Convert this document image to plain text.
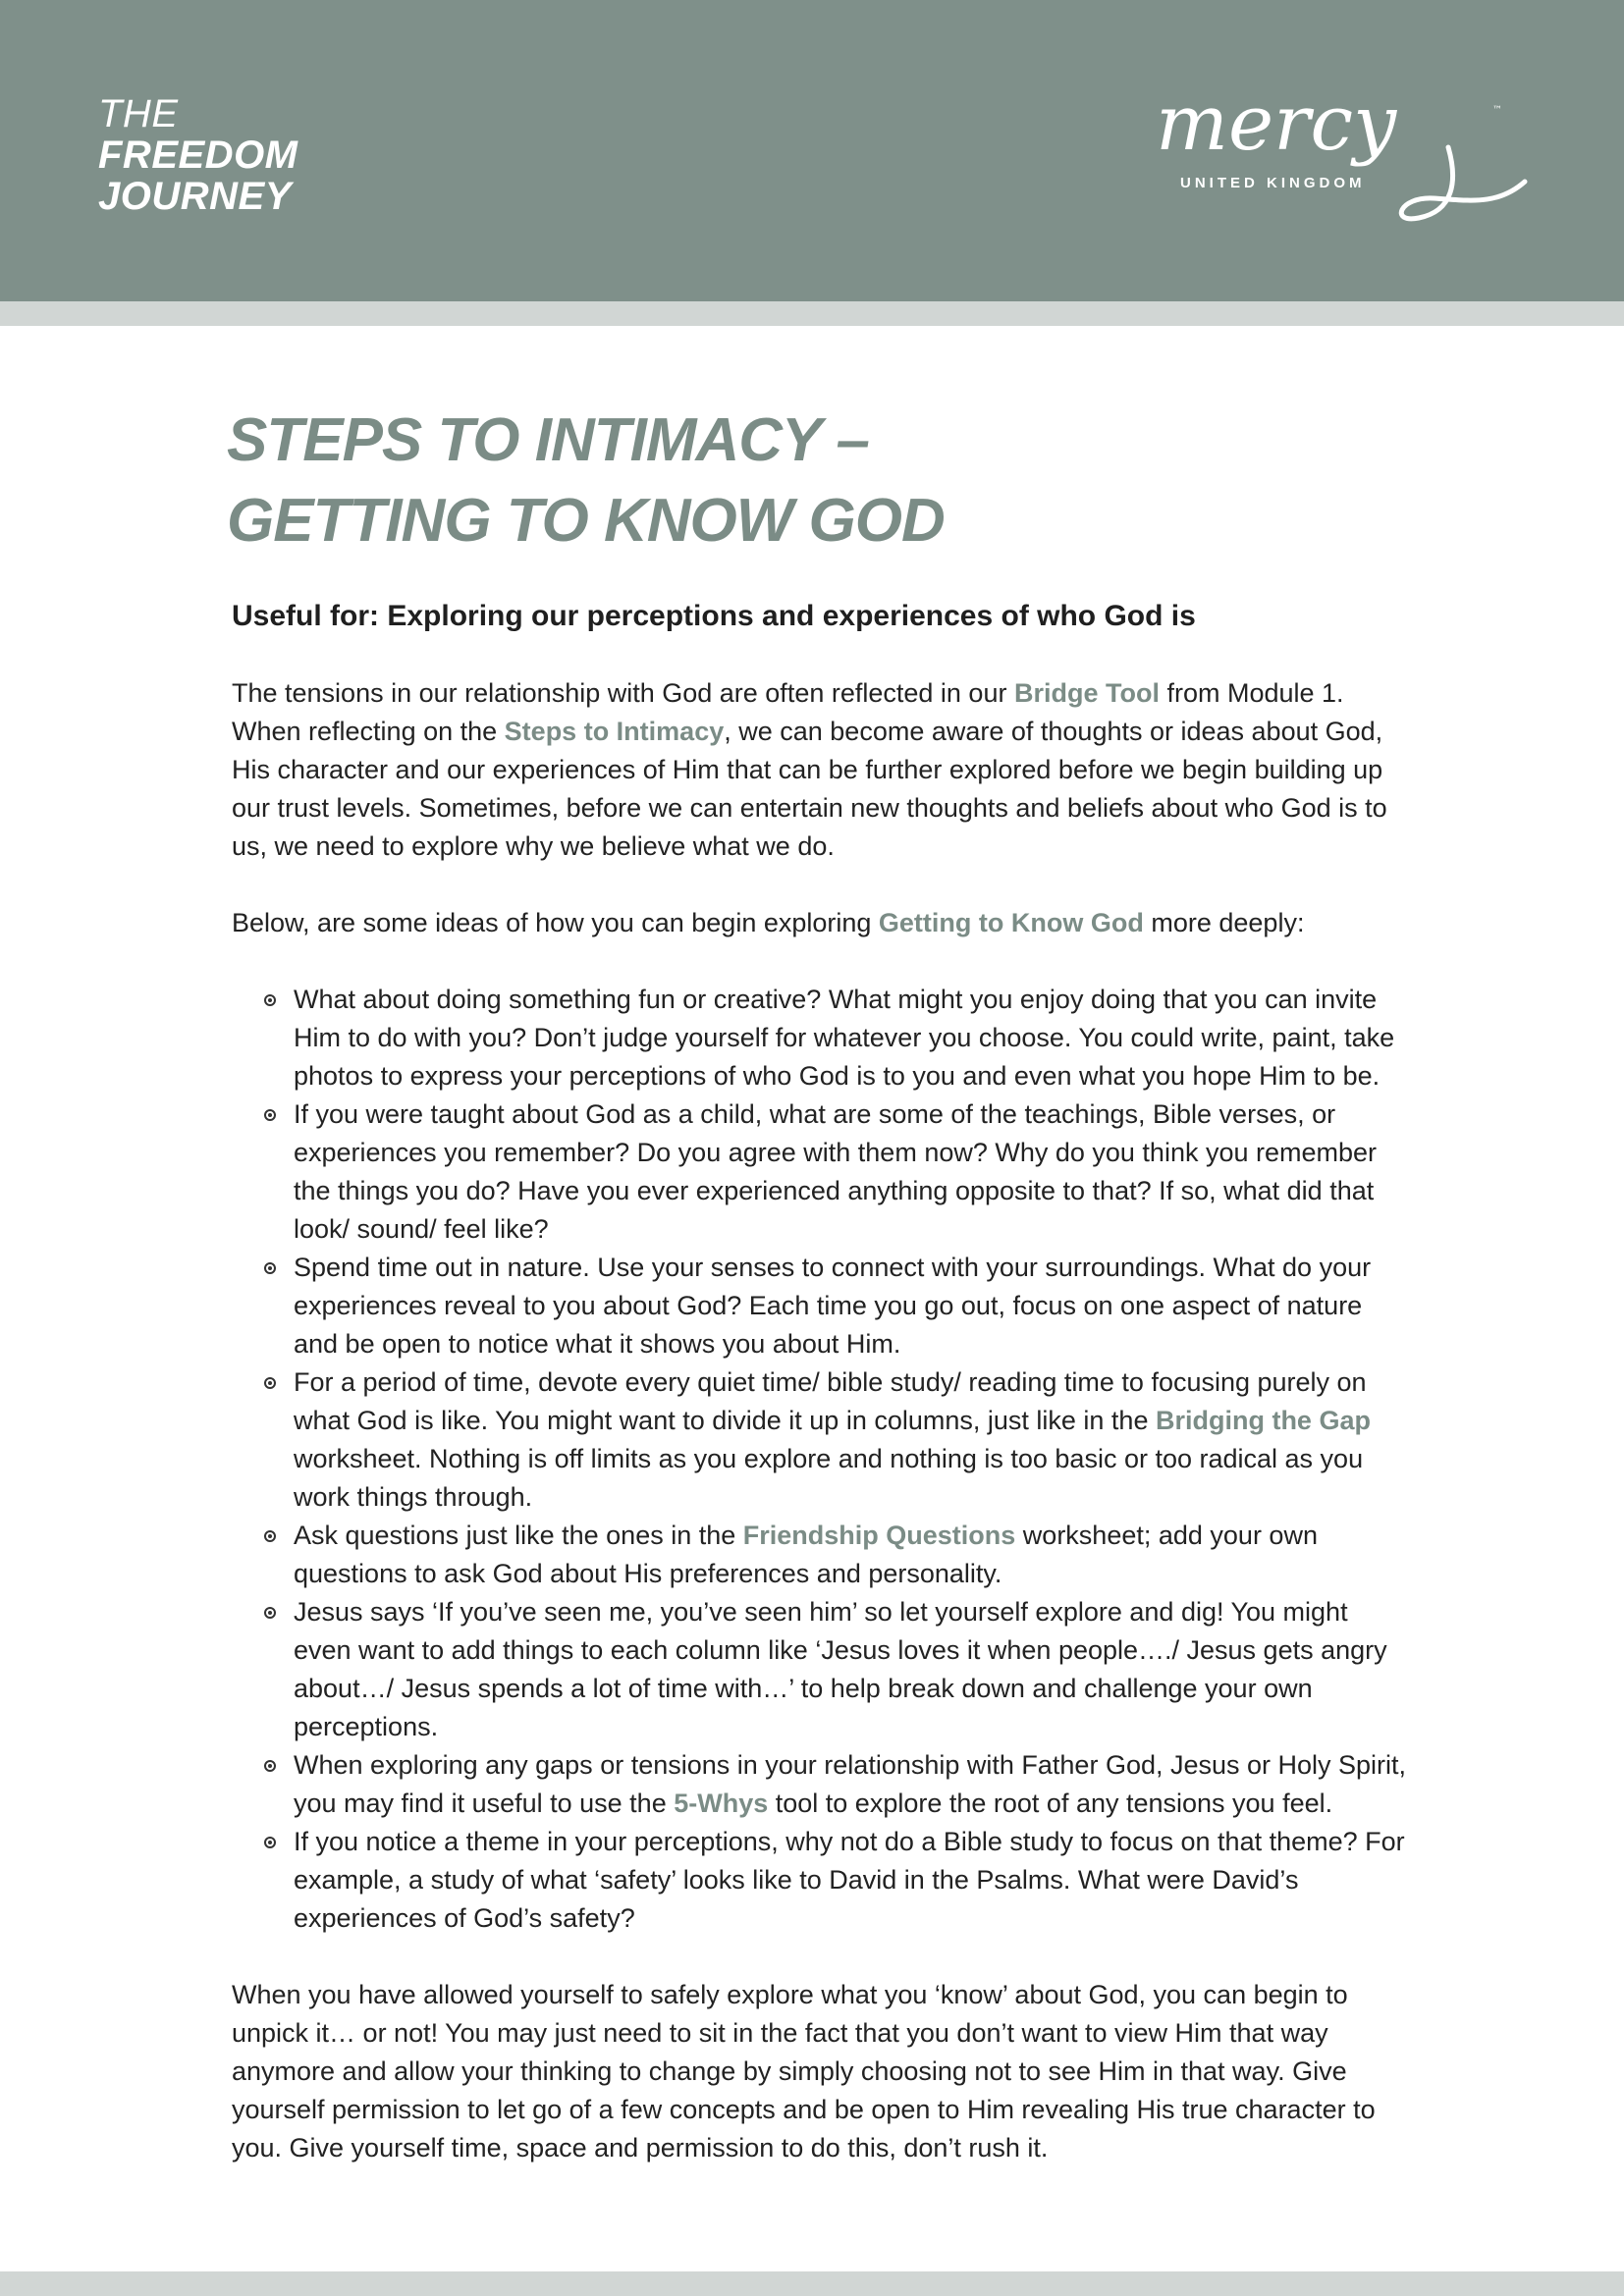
THE
FREEDOM
JOURNEY
mercy	™
UNITED KINGDOM
STEPS TO INTIMACY –
GETTING TO KNOW GOD
Useful for: Exploring our perceptions and experiences of who God is

The tensions in our relationship with God are often reflected in our Bridge Tool from Module 1. When reflecting on the Steps to Intimacy, we can become aware of thoughts or ideas about God, His character and our experiences of Him that can be further explored before we begin building up our trust levels. Sometimes, before we can entertain new thoughts and beliefs about who God is to us, we need to explore why we believe what we do.

Below, are some ideas of how you can begin exploring Getting to Know God more deeply:

What about doing something fun or creative? What might you enjoy doing that you can invite Him to do with you? Don’t judge yourself for whatever you choose. You could write, paint, take photos to express your perceptions of who God is to you and even what you hope Him to be.
If you were taught about God as a child, what are some of the teachings, Bible verses, or experiences you remember? Do you agree with them now? Why do you think you remember the things you do? Have you ever experienced anything opposite to that? If so, what did that look/ sound/ feel like?
Spend time out in nature. Use your senses to connect with your surroundings. What do your experiences reveal to you about God? Each time you go out, focus on one aspect of nature and be open to notice what it shows you about Him.
For a period of time, devote every quiet time/ bible study/ reading time to focusing purely on what God is like. You might want to divide it up in columns, just like in the Bridging the Gap worksheet. Nothing is off limits as you explore and nothing is too basic or too radical as you work things through.
Ask questions just like the ones in the Friendship Questions worksheet; add your own questions to ask God about His preferences and personality.
Jesus says ‘If you’ve seen me, you’ve seen him’ so let yourself explore and dig! You might even want to add things to each column like ‘Jesus loves it when people…./ Jesus gets angry about…/ Jesus spends a lot of time with…’ to help break down and challenge your own perceptions.
When exploring any gaps or tensions in your relationship with Father God, Jesus or Holy Spirit, you may find it useful to use the 5-Whys tool to explore the root of any tensions you feel.
If you notice a theme in your perceptions, why not do a Bible study to focus on that theme? For example, a study of what ‘safety’ looks like to David in the Psalms. What were David’s experiences of God’s safety?

When you have allowed yourself to safely explore what you ‘know’ about God, you can begin to unpick it… or not! You may just need to sit in the fact that you don’t want to view Him that way anymore and allow your thinking to change by simply choosing not to see Him in that way. Give yourself permission to let go of a few concepts and be open to Him revealing His true character to you. Give yourself time, space and permission to do this, don’t rush it.
